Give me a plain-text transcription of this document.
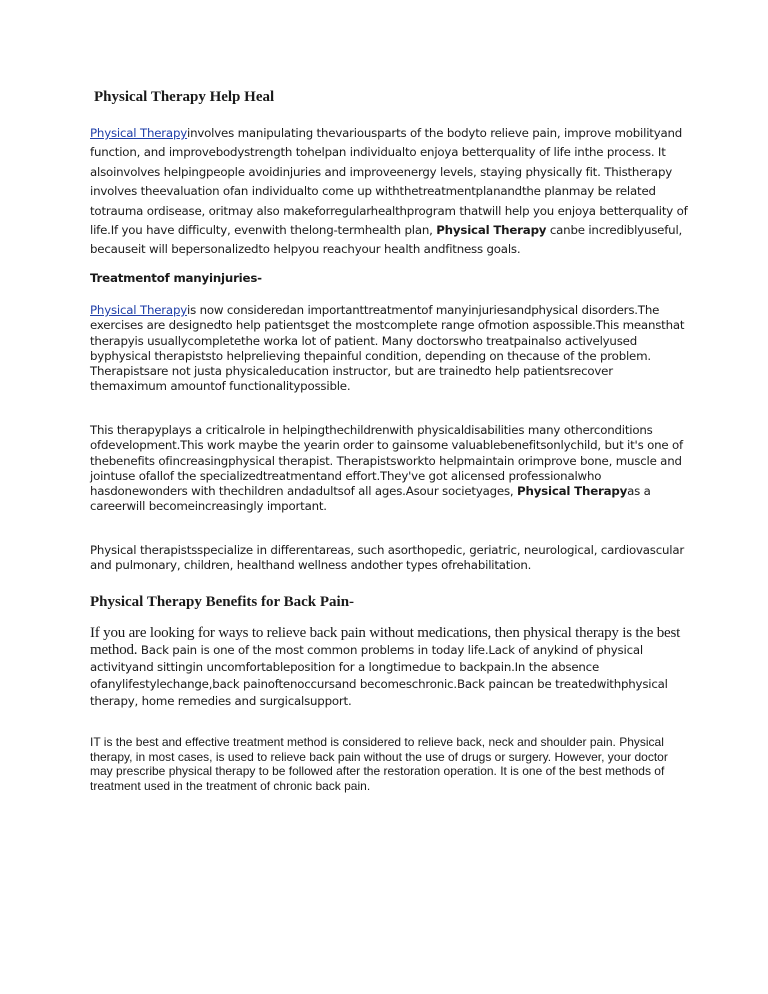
Physical Therapy Help Heal

Physical Therapyinvolves manipulating thevariousparts of the bodyto relieve pain, improve mobilityand function, and improvebodystrength tohelpan individualto enjoya betterquality of life inthe process. It alsoinvolves helpingpeople avoidinjuries and improveenergy levels, staying physically fit. Thistherapy involves theevaluation ofan individualto come up withthetreatmentplanandthe planmay be related totrauma ordisease, oritmay also makeforregularhealthprogram thatwill help you enjoya betterquality of life.If you have difficulty, evenwith thelong-termhealth plan, Physical Therapy canbe incrediblyuseful, becauseit will bepersonalizedto helpyou reachyour health andfitness goals.

Treatmentof manyinjuries-

Physical Therapyis now consideredan importanttreatmentof manyinjuriesandphysical disorders.The exercises are designedto help patientsget the mostcomplete range ofmotion aspossible.This meansthat therapyis usuallycompletethe worka lot of patient. Many doctorswho treatpainalso activelyused byphysical therapiststo helprelieving thepainful condition, depending on thecause of the problem. Therapistsare not justa physicaleducation instructor, but are trainedto help patientsrecover themaximum amountof functionalitypossible.

This therapyplays a criticalrole in helpingthechildrenwith physicaldisabilities many otherconditions ofdevelopment.This work maybe the yearin order to gainsome valuablebenefitsonlychild, but it's one of thebenefits ofincreasingphysical therapist. Therapistsworkto helpmaintain orimprove bone, muscle and jointuse ofallof the specializedtreatmentand effort.They've got alicensed professionalwho hasdonewonders with thechildren andadultsof all ages.Asour societyages, Physical Therapyas a careerwill becomeincreasingly important.

Physical therapistsspecialize in differentareas, such asorthopedic, geriatric, neurological, cardiovascular and pulmonary, children, healthand wellness andother types ofrehabilitation.

Physical Therapy Benefits for Back Pain-

If you are looking for ways to relieve back pain without medications, then physical therapy is the best method. Back pain is one of the most common problems in today life.Lack of anykind of physical activityand sittingin uncomfortableposition for a longtimedue to backpain.In the absence ofanylifestylechange,back painoftenoccursand becomeschronic.Back paincan be treatedwithphysical therapy, home remedies and surgicalsupport.

IT is the best and effective treatment method is considered to relieve back, neck and shoulder pain. Physical therapy, in most cases, is used to relieve back pain without the use of drugs or surgery. However, your doctor may prescribe physical therapy to be followed after the restoration operation. It is one of the best methods of treatment used in the treatment of chronic back pain.
